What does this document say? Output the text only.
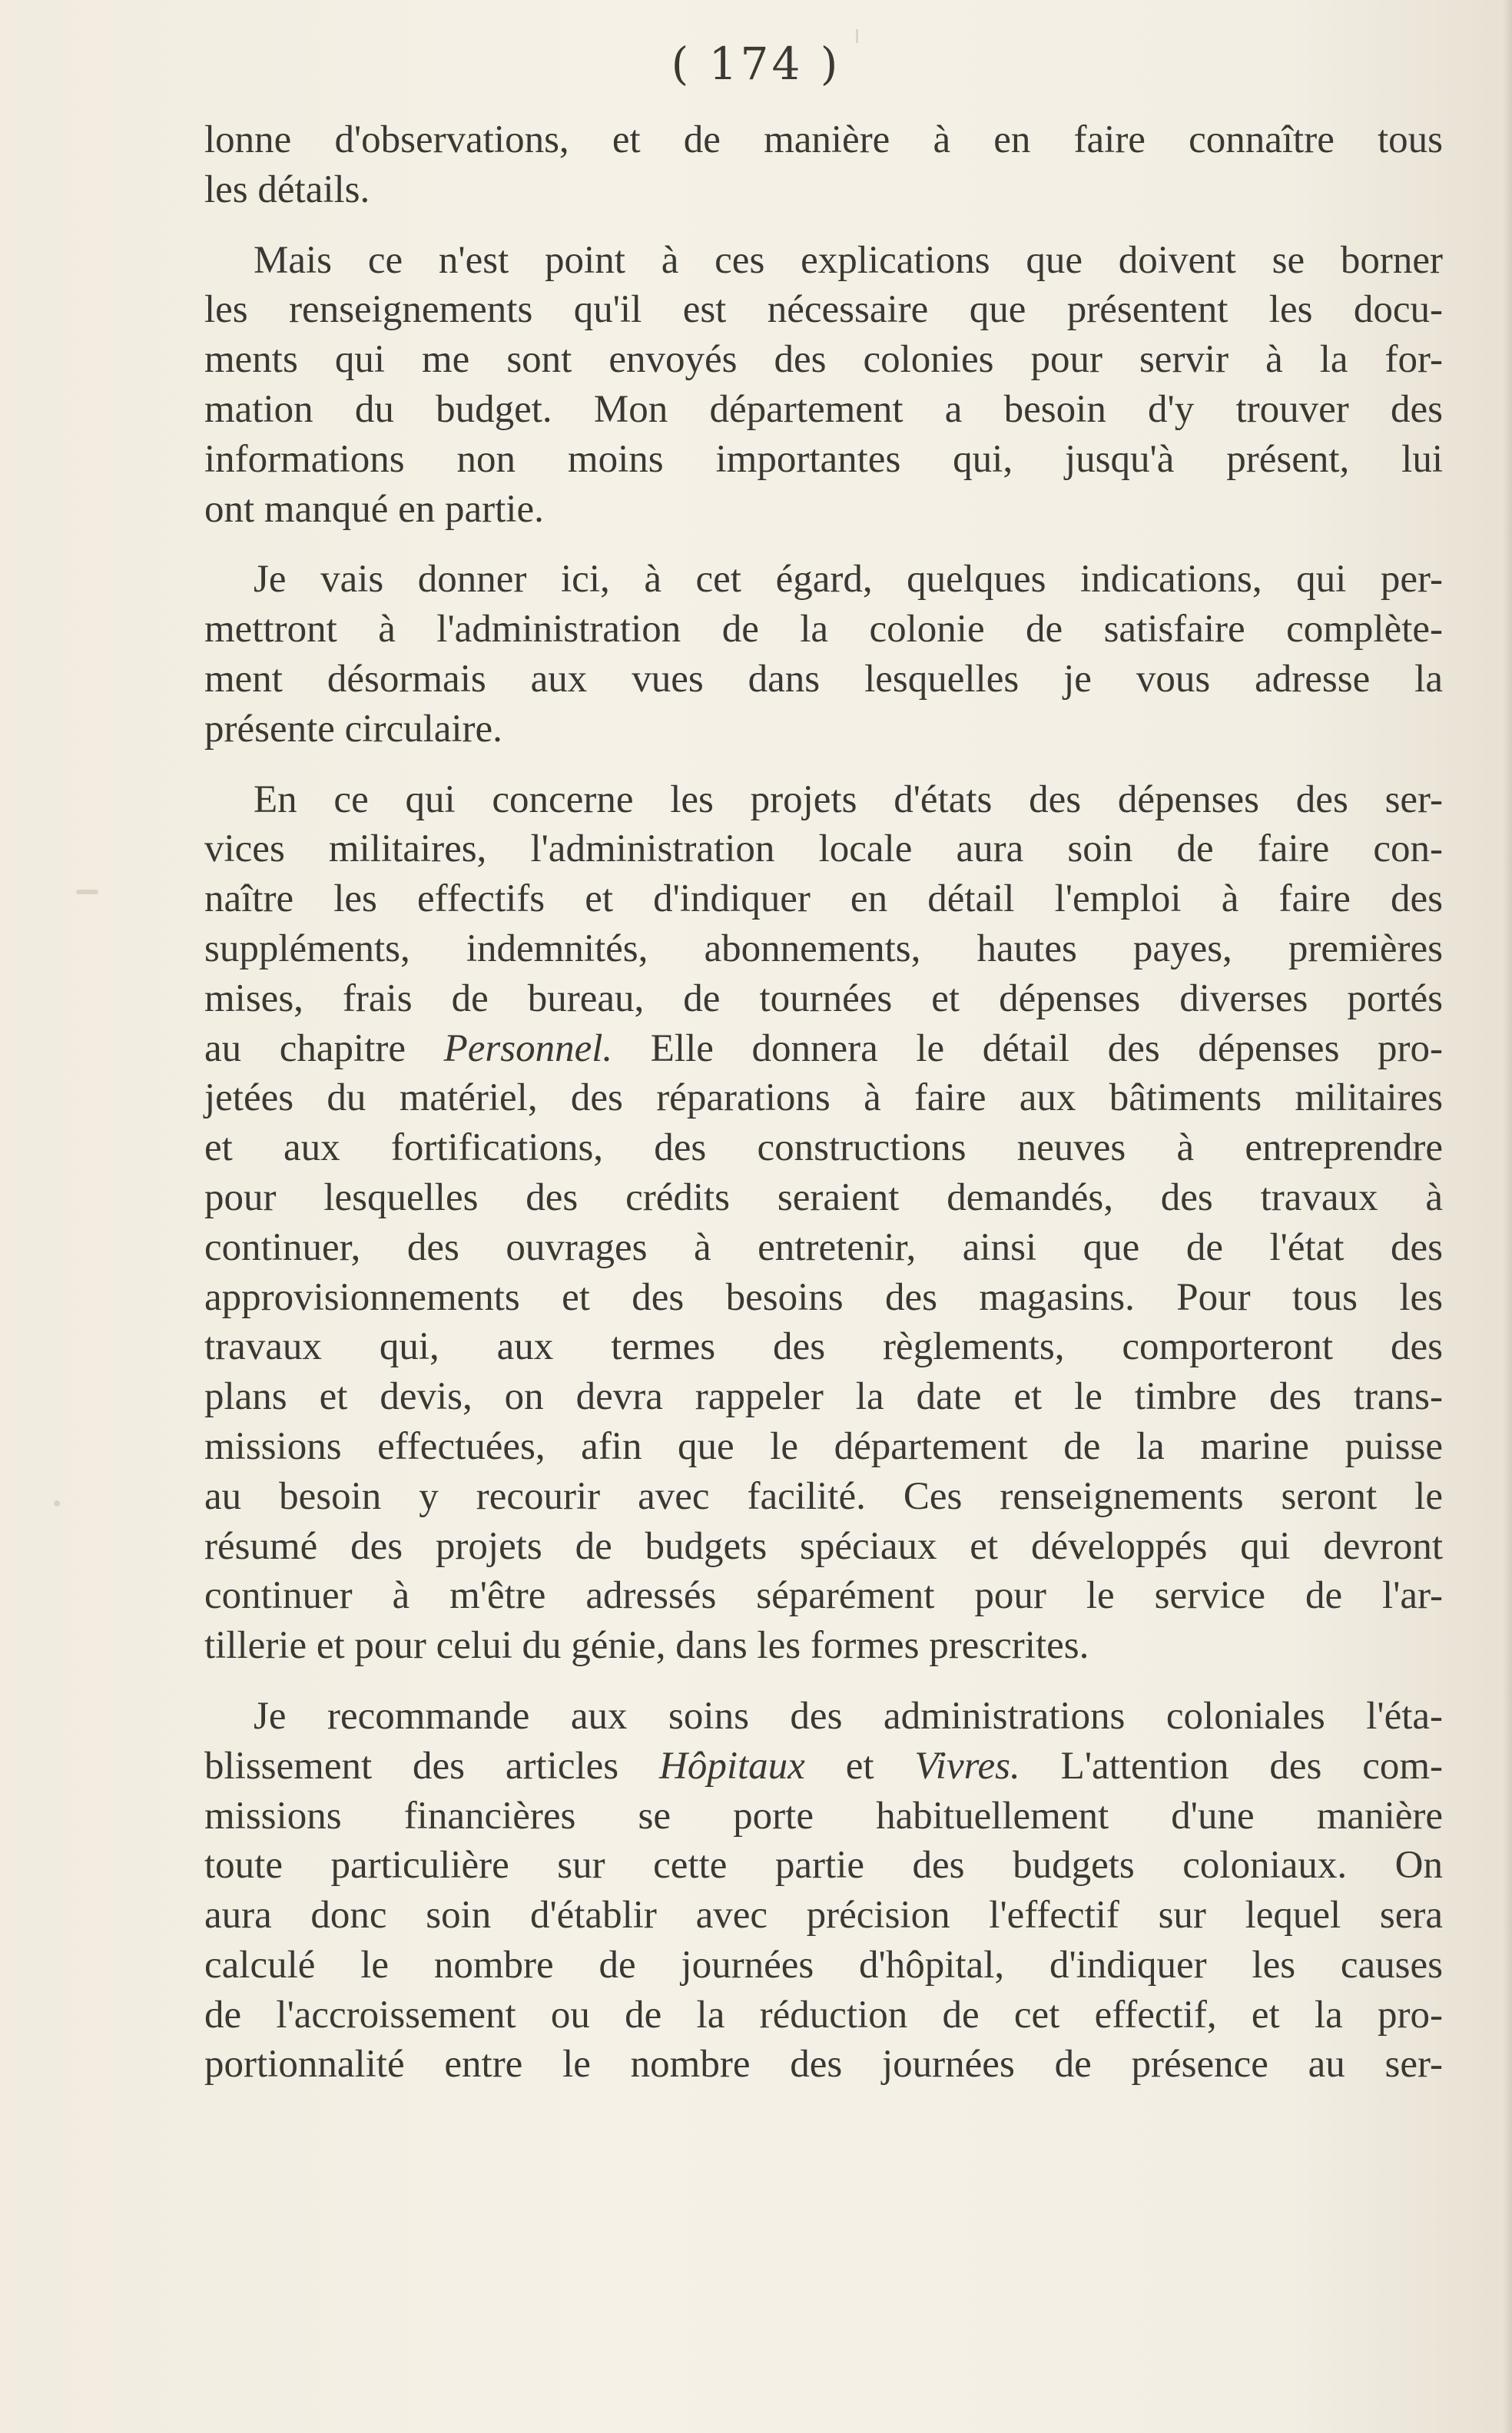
( 174 )
lonne d'observations, et de manière à en faire connaître tous
les détails.
Mais ce n'est point à ces explications que doivent se borner
les renseignements qu'il est nécessaire que présentent les docu-
ments qui me sont envoyés des colonies pour servir à la for-
mation du budget. Mon département a besoin d'y trouver des
informations non moins importantes qui, jusqu'à présent, lui
ont manqué en partie.
Je vais donner ici, à cet égard, quelques indications, qui per-
mettront à l'administration de la colonie de satisfaire complète-
ment désormais aux vues dans lesquelles je vous adresse la
présente circulaire.
En ce qui concerne les projets d'états des dépenses des ser-
vices militaires, l'administration locale aura soin de faire con-
naître les effectifs et d'indiquer en détail l'emploi à faire des
suppléments, indemnités, abonnements, hautes payes, premières
mises, frais de bureau, de tournées et dépenses diverses portés
au chapitre Personnel. Elle donnera le détail des dépenses pro-
jetées du matériel, des réparations à faire aux bâtiments militaires
et aux fortifications, des constructions neuves à entreprendre
pour lesquelles des crédits seraient demandés, des travaux à
continuer, des ouvrages à entretenir, ainsi que de l'état des
approvisionnements et des besoins des magasins. Pour tous les
travaux qui, aux termes des règlements, comporteront des
plans et devis, on devra rappeler la date et le timbre des trans-
missions effectuées, afin que le département de la marine puisse
au besoin y recourir avec facilité. Ces renseignements seront le
résumé des projets de budgets spéciaux et développés qui devront
continuer à m'être adressés séparément pour le service de l'ar-
tillerie et pour celui du génie, dans les formes prescrites.
Je recommande aux soins des administrations coloniales l'éta-
blissement des articles Hôpitaux et Vivres. L'attention des com-
missions financières se porte habituellement d'une manière
toute particulière sur cette partie des budgets coloniaux. On
aura donc soin d'établir avec précision l'effectif sur lequel sera
calculé le nombre de journées d'hôpital, d'indiquer les causes
de l'accroissement ou de la réduction de cet effectif, et la pro-
portionnalité entre le nombre des journées de présence au ser-
